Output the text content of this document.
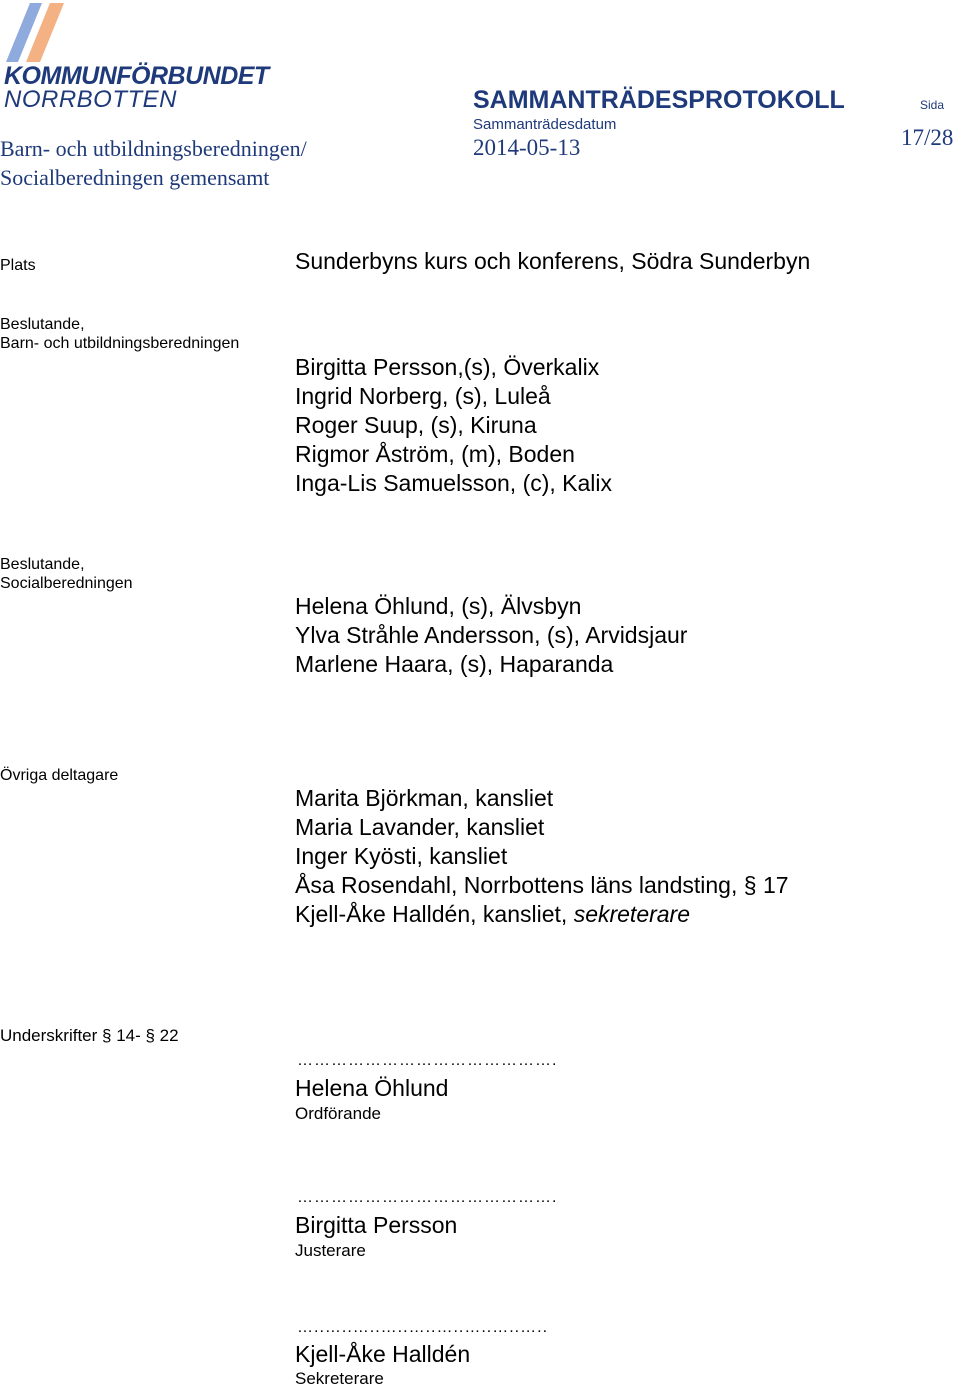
KOMMUNFÖRBUNDET
NORRBOTTEN	SAMMANTRÄDESPROTOKOLL
Sammanträdesdatum
2014-05-13
Sida
17/28
Barn- och utbildningsberedningen/
Socialberedningen gemensamt
Plats	Sunderbyns kurs och konferens, Södra Sunderbyn
Beslutande,
Barn- och utbildningsberedningen
Birgitta Persson,(s), Överkalix
Ingrid Norberg, (s), Luleå
Roger Suup, (s), Kiruna
Rigmor Åström, (m), Boden
Inga-Lis Samuelsson, (c), Kalix
Beslutande,
Socialberedningen
Helena Öhlund, (s), Älvsbyn
Ylva Stråhle Andersson, (s), Arvidsjaur
Marlene Haara, (s), Haparanda
Övriga deltagare
Marita Björkman, kansliet
Maria Lavander, kansliet
Inger Kyösti, kansliet
Åsa Rosendahl, Norrbottens läns landsting, § 17
Kjell-Åke Halldén, kansliet, sekreterare
Underskrifter § 14- § 22
……………………………………….
Helena Öhlund
Ordförande
……………………………………….
Birgitta Persson
Justerare
…..…..…..…..…..…..…..…..…..
Kjell-Åke Halldén
Sekreterare
